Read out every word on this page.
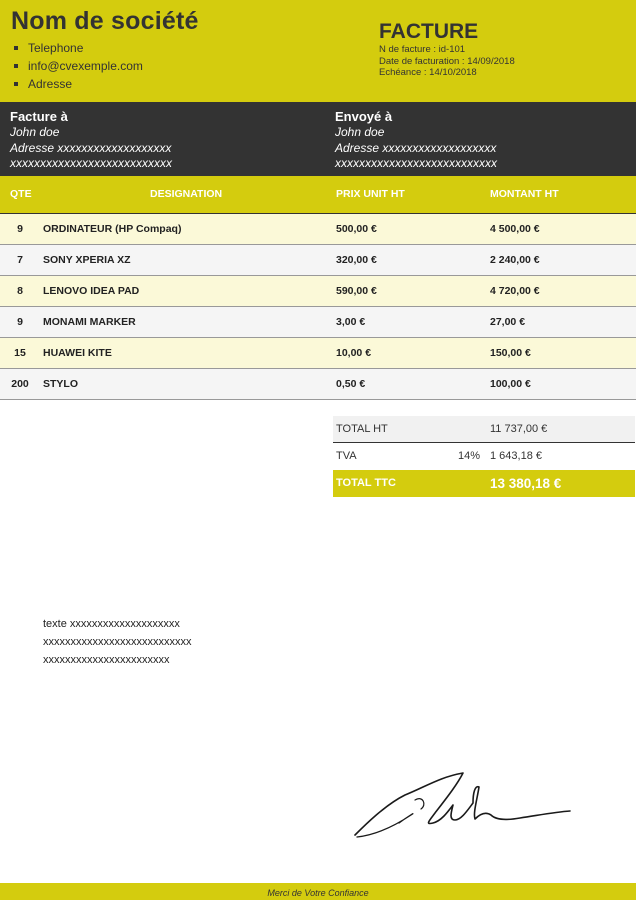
Nom de société
Telephone
info@cvexemple.com
Adresse
FACTURE
N de facture : id-101
Date de facturation : 14/09/2018
Echéance : 14/10/2018
Facture à
John doe
Adresse xxxxxxxxxxxxxxxxxxx
xxxxxxxxxxxxxxxxxxxxxxxxxxx
Envoyé à
John doe
Adresse xxxxxxxxxxxxxxxxxxx
xxxxxxxxxxxxxxxxxxxxxxxxxxx
QTE	DESIGNATION	PRIX UNIT HT	MONTANT HT
9	ORDINATEUR (HP Compaq)	500,00 €	4 500,00 €
7	SONY XPERIA XZ	320,00 €	2 240,00 €
8	LENOVO IDEA PAD	590,00 €	4 720,00 €
9	MONAMI MARKER	3,00 €	27,00 €
15	HUAWEI KITE	10,00 €	150,00 €
200	STYLO	0,50 €	100,00 €
TOTAL HT	11 737,00 €
TVA	14% 1 643,18 €
TOTAL TTC	13 380,18 €
texte xxxxxxxxxxxxxxxxxxxx
xxxxxxxxxxxxxxxxxxxxxxxxxxx
xxxxxxxxxxxxxxxxxxxxxxx
Merci de Votre Confiance
